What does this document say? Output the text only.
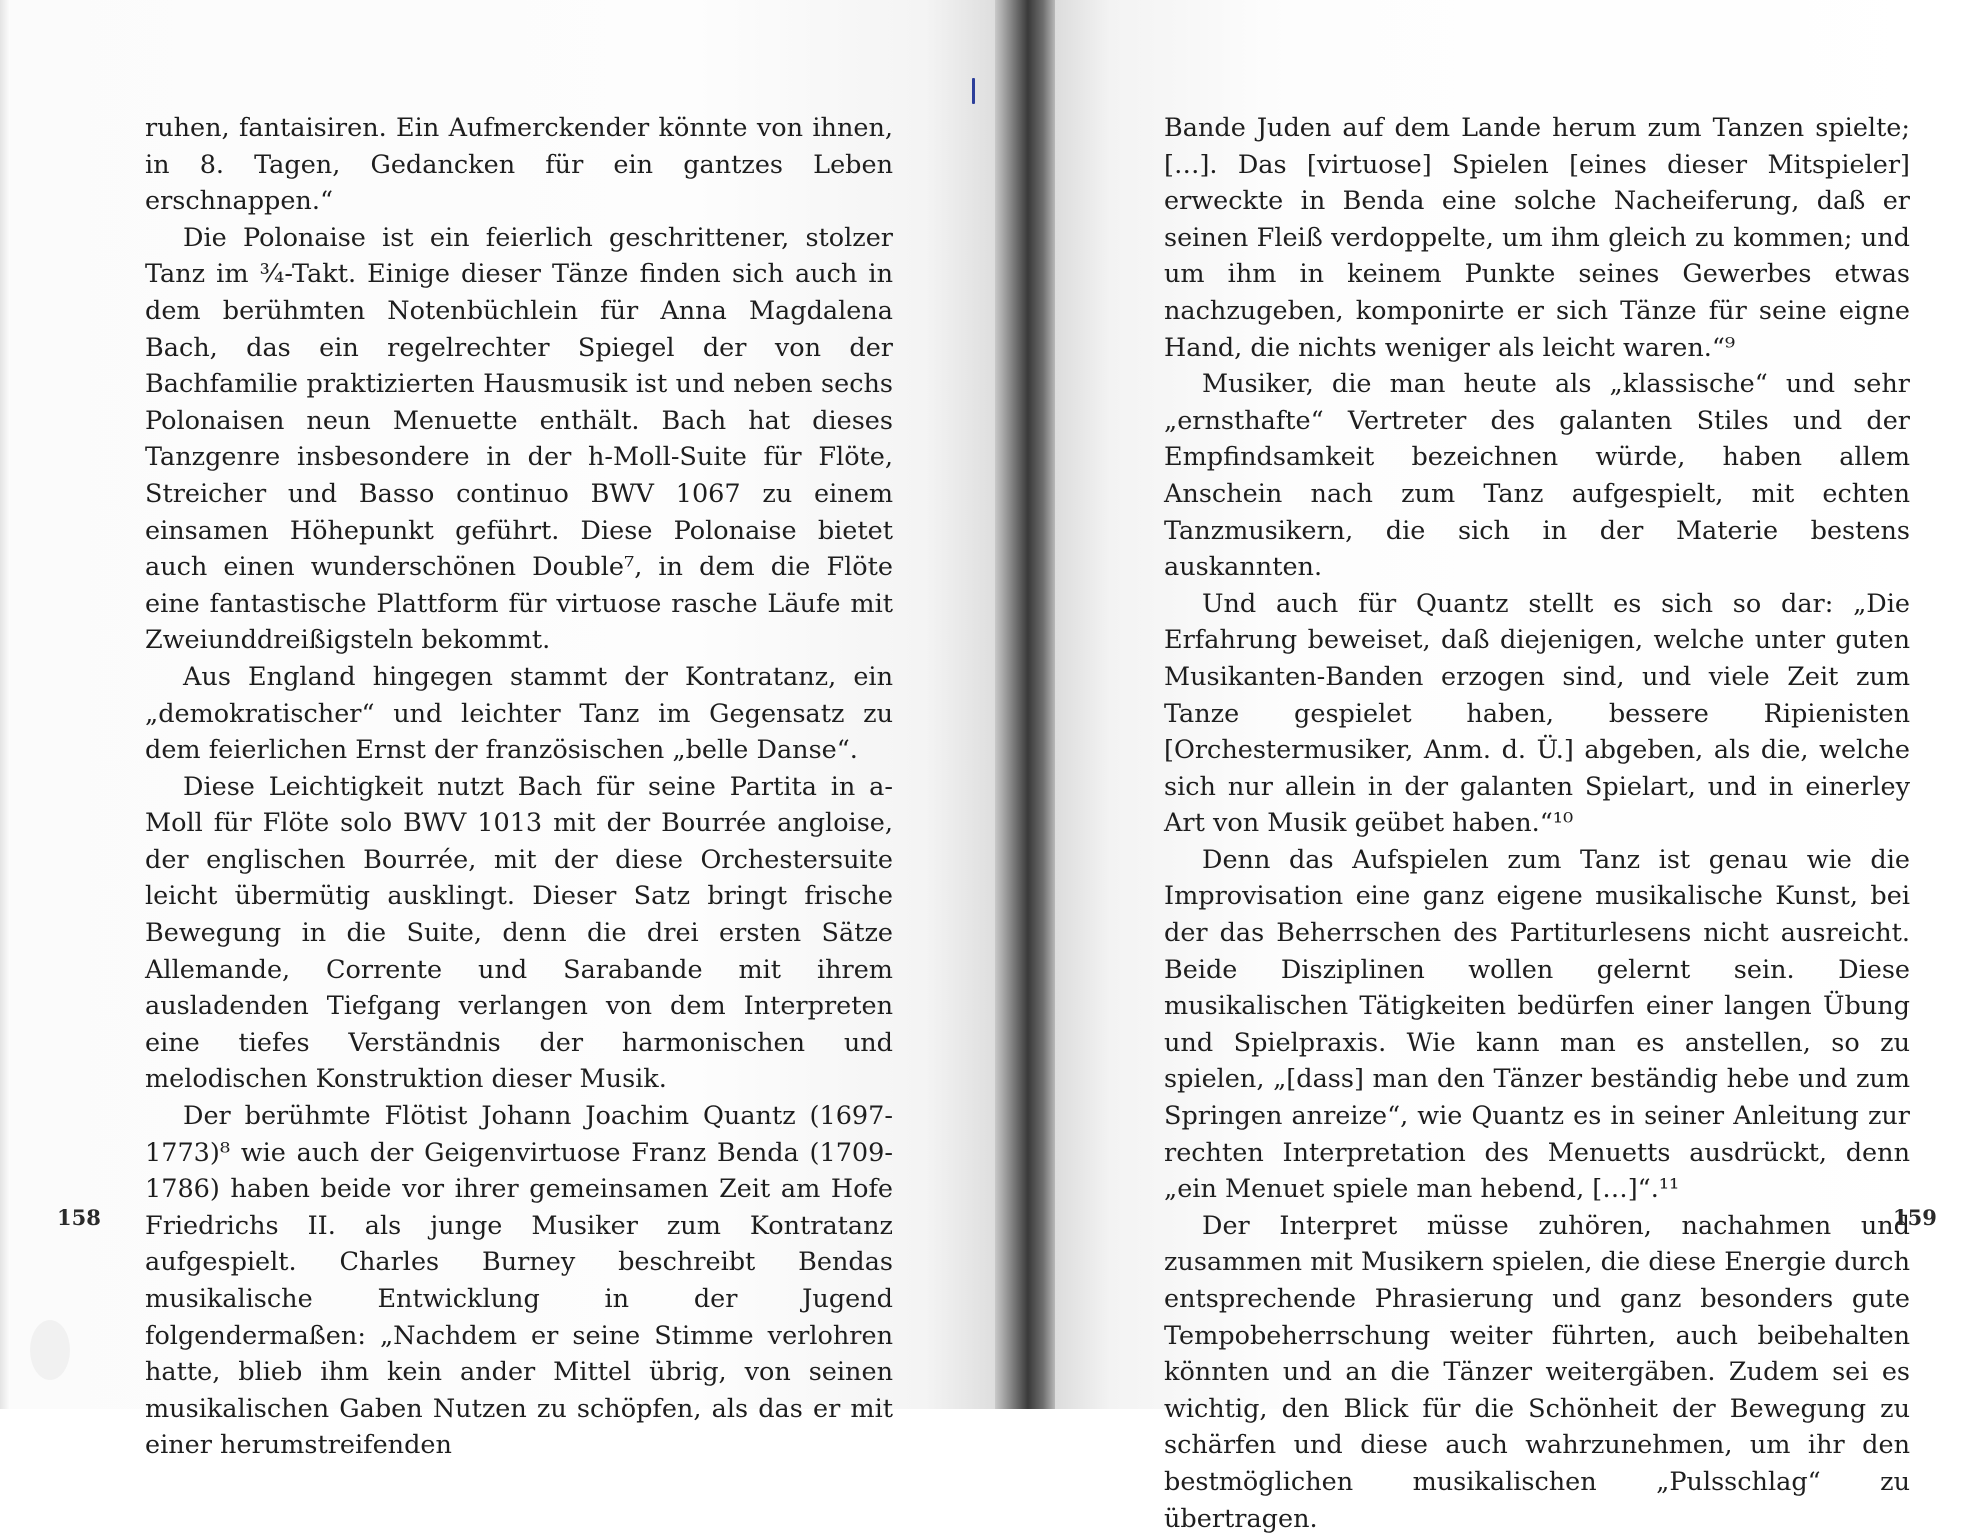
ruhen, fantaisiren. Ein Aufmerckender könnte von ihnen, in 8. Tagen, Gedancken für ein gantzes Leben erschnappen.“

Die Polonaise ist ein feierlich geschrittener, stolzer Tanz im ¾-Takt. Einige dieser Tänze finden sich auch in dem berühmten Notenbüchlein für Anna Magdalena Bach, das ein regelrechter Spiegel der von der Bachfamilie praktizierten Hausmusik ist und neben sechs Polonaisen neun Menuette enthält. Bach hat dieses Tanzgenre insbesondere in der h-Moll-Suite für Flöte, Streicher und Basso continuo BWV 1067 zu einem einsamen Höhepunkt geführt. Diese Polonaise bietet auch einen wunderschönen Double⁷, in dem die Flöte eine fantastische Plattform für virtuose rasche Läufe mit Zweiunddreißigsteln bekommt.

Aus England hingegen stammt der Kontratanz, ein „demokratischer“ und leichter Tanz im Gegensatz zu dem feierlichen Ernst der französischen „belle Danse“.

Diese Leichtigkeit nutzt Bach für seine Partita in a-Moll für Flöte solo BWV 1013 mit der Bourrée angloise, der englischen Bourrée, mit der diese Orchestersuite leicht übermütig ausklingt. Dieser Satz bringt frische Bewegung in die Suite, denn die drei ersten Sätze Allemande, Corrente und Sarabande mit ihrem ausladenden Tiefgang verlangen von dem Interpreten eine tiefes Verständnis der harmonischen und melodischen Konstruktion dieser Musik.

Der berühmte Flötist Johann Joachim Quantz (1697-1773)⁸ wie auch der Geigenvirtuose Franz Benda (1709-1786) haben beide vor ihrer gemeinsamen Zeit am Hofe Friedrichs II. als junge Musiker zum Kontratanz aufgespielt. Charles Burney beschreibt Bendas musikalische Entwicklung in der Jugend folgendermaßen: „Nachdem er seine Stimme verlohren hatte, blieb ihm kein ander Mittel übrig, von seinen musikalischen Gaben Nutzen zu schöpfen, als das er mit einer herumstreifenden

158

Bande Juden auf dem Lande herum zum Tanzen spielte;[…]. Das [virtuose] Spielen [eines dieser Mitspieler] erweckte in Benda eine solche Nacheiferung, daß er seinen Fleiß verdoppelte, um ihm gleich zu kommen; und um ihm in keinem Punkte seines Gewerbes etwas nachzugeben, komponirte er sich Tänze für seine eigne Hand, die nichts weniger als leicht waren.“⁹

Musiker, die man heute als „klassische“ und sehr „ernsthafte“ Vertreter des galanten Stiles und der Empfindsamkeit bezeichnen würde, haben allem Anschein nach zum Tanz aufgespielt, mit echten Tanzmusikern, die sich in der Materie bestens auskannten.

Und auch für Quantz stellt es sich so dar: „Die Erfahrung beweiset, daß diejenigen, welche unter guten Musikanten-Banden erzogen sind, und viele Zeit zum Tanze gespielet haben, bessere Ripienisten [Orchestermusiker, Anm. d. Ü.] abgeben, als die, welche sich nur allein in der galanten Spielart, und in einerley Art von Musik geübet haben.“¹⁰

Denn das Aufspielen zum Tanz ist genau wie die Improvisation eine ganz eigene musikalische Kunst, bei der das Beherrschen des Partiturlesens nicht ausreicht. Beide Disziplinen wollen gelernt sein. Diese musikalischen Tätigkeiten bedürfen einer langen Übung und Spielpraxis. Wie kann man es anstellen, so zu spielen, „[dass] man den Tänzer beständig hebe und zum Springen anreize“, wie Quantz es in seiner Anleitung zur rechten Interpretation des Menuetts ausdrückt, denn „ein Menuet spiele man hebend, […]“.¹¹

Der Interpret müsse zuhören, nachahmen und zusammen mit Musikern spielen, die diese Energie durch entsprechende Phrasierung und ganz besonders gute Tempobeherrschung weiter führten, auch beibehalten könnten und an die Tänzer weitergäben. Zudem sei es wichtig, den Blick für die Schönheit der Bewegung zu schärfen und diese auch wahrzunehmen, um ihr den bestmöglichen musikalischen „Pulsschlag“ zu übertragen.

159
